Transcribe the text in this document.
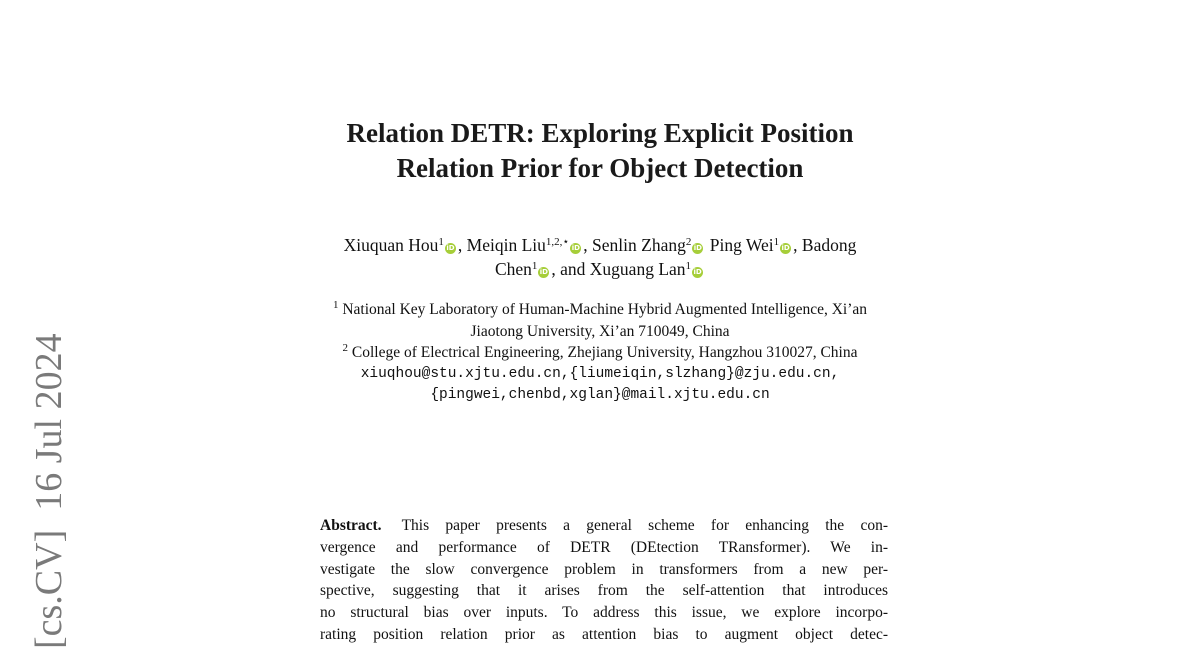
Relation DETR: Exploring Explicit Position
Relation Prior for Object Detection
Xiuquan Hou$^1$ iD , Meiqin Liu$^{1,2,⋆}$ iD , Senlin Zhang$^2$ iD Ping Wei$^1$ iD , Badong
Chen$^1$ iD , and Xuguang Lan$^1$ iD
$^1$ National Key Laboratory of Human-Machine Hybrid Augmented Intelligence, Xi’an
Jiaotong University, Xi’an 710049, China
$^2$ College of Electrical Engineering, Zhejiang University, Hangzhou 310027, China
xiuqhou@stu.xjtu.edu.cn,{liumeiqin,slzhang}@zju.edu.cn,
{pingwei,chenbd,xglan}@mail.xjtu.edu.cn
[cs.CV]  16 Jul 2024	Abstract. This paper presents a general scheme for enhancing the con-
vergence and performance of DETR (DEtection TRansformer). We in-
vestigate the slow convergence problem in transformers from a new per-
spective, suggesting that it arises from the self-attention that introduces
no structural bias over inputs. To address this issue, we explore incorpo-
rating position relation prior as attention bias to augment object detec-
